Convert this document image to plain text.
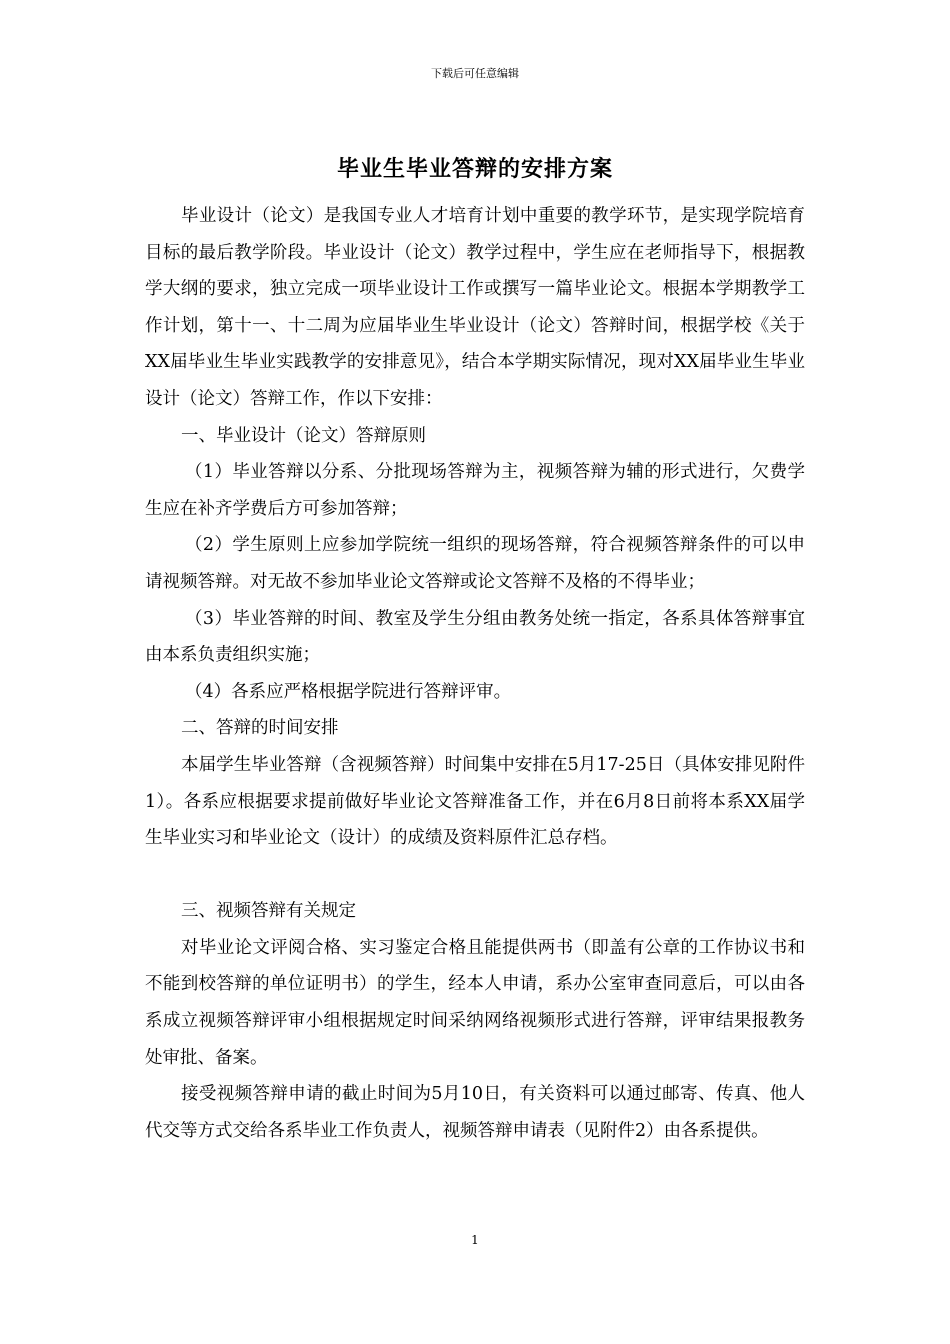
下载后可任意编辑
毕业生毕业答辩的安排方案

毕业设计（论文）是我国专业人才培育计划中重要的教学环节，是实现学院培育目标的最后教学阶段。毕业设计（论文）教学过程中，学生应在老师指导下，根据教学大纲的要求，独立完成一项毕业设计工作或撰写一篇毕业论文。根据本学期教学工作计划，第十一、十二周为应届毕业生毕业设计（论文）答辩时间，根据学校《关于XX届毕业生毕业实践教学的安排意见》，结合本学期实际情况，现对XX届毕业生毕业设计（论文）答辩工作，作以下安排：

一、毕业设计（论文）答辩原则

（1）毕业答辩以分系、分批现场答辩为主，视频答辩为辅的形式进行，欠费学生应在补齐学费后方可参加答辩；

（2）学生原则上应参加学院统一组织的现场答辩，符合视频答辩条件的可以申请视频答辩。对无故不参加毕业论文答辩或论文答辩不及格的不得毕业；

（3）毕业答辩的时间、教室及学生分组由教务处统一指定，各系具体答辩事宜由本系负责组织实施；

（4）各系应严格根据学院进行答辩评审。

二、答辩的时间安排

本届学生毕业答辩（含视频答辩）时间集中安排在5月17-25日（具体安排见附件1）。各系应根据要求提前做好毕业论文答辩准备工作，并在6月8日前将本系XX届学生毕业实习和毕业论文（设计）的成绩及资料原件汇总存档。

三、视频答辩有关规定

对毕业论文评阅合格、实习鉴定合格且能提供两书（即盖有公章的工作协议书和不能到校答辩的单位证明书）的学生，经本人申请，系办公室审查同意后，可以由各系成立视频答辩评审小组根据规定时间采纳网络视频形式进行答辩，评审结果报教务处审批、备案。

接受视频答辩申请的截止时间为5月10日，有关资料可以通过邮寄、传真、他人代交等方式交给各系毕业工作负责人，视频答辩申请表（见附件2）由各系提供。

1
